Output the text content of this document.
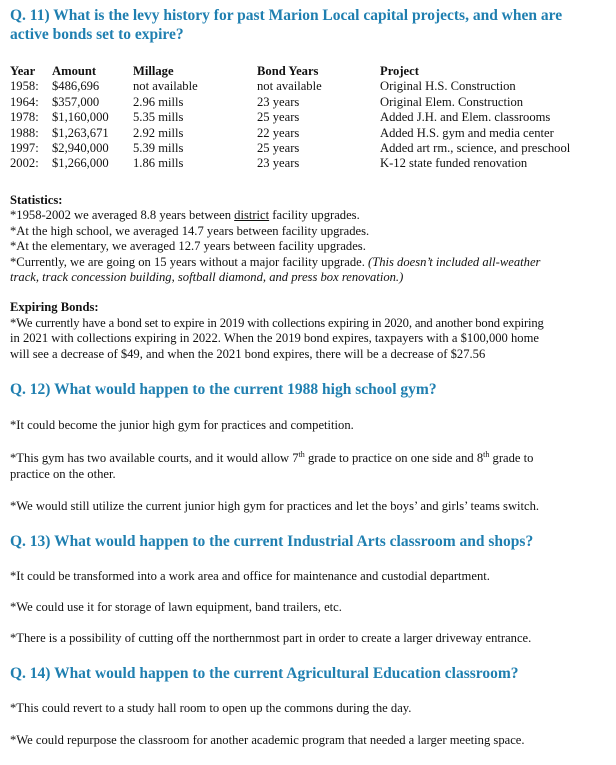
Q. 11) What is the levy history for past Marion Local capital projects, and when are
active bonds set to expire?
Year	Amount	Millage	Bond Years	Project
1958:	$486,696	not available	not available	Original H.S. Construction
1964:	$357,000	2.96 mills	23 years	Original Elem. Construction
1978:	$1,160,000	5.35 mills	25 years	Added J.H. and Elem. classrooms
1988:	$1,263,671	2.92 mills	22 years	Added H.S. gym and media center
1997:	$2,940,000	5.39 mills	25 years	Added art rm., science, and preschool
2002:	$1,266,000	1.86 mills	23 years	K-12 state funded renovation
Statistics:
*1958-2002 we averaged 8.8 years between district facility upgrades.
*At the high school, we averaged 14.7 years between facility upgrades.
*At the elementary, we averaged 12.7 years between facility upgrades.
*Currently, we are going on 15 years without a major facility upgrade. (This doesn’t included all-weather
track, track concession building, softball diamond, and press box renovation.)
Expiring Bonds:
*We currently have a bond set to expire in 2019 with collections expiring in 2020, and another bond expiring
in 2021 with collections expiring in 2022. When the 2019 bond expires, taxpayers with a $100,000 home
will see a decrease of $49, and when the 2021 bond expires, there will be a decrease of $27.56
Q. 12) What would happen to the current 1988 high school gym?
*It could become the junior high gym for practices and competition.
*This gym has two available courts, and it would allow 7th grade to practice on one side and 8th grade to
practice on the other.
*We would still utilize the current junior high gym for practices and let the boys’ and girls’ teams switch.
Q. 13) What would happen to the current Industrial Arts classroom and shops?
*It could be transformed into a work area and office for maintenance and custodial department.
*We could use it for storage of lawn equipment, band trailers, etc.
*There is a possibility of cutting off the northernmost part in order to create a larger driveway entrance.
Q. 14) What would happen to the current Agricultural Education classroom?
*This could revert to a study hall room to open up the commons during the day.
*We could repurpose the classroom for another academic program that needed a larger meeting space.
